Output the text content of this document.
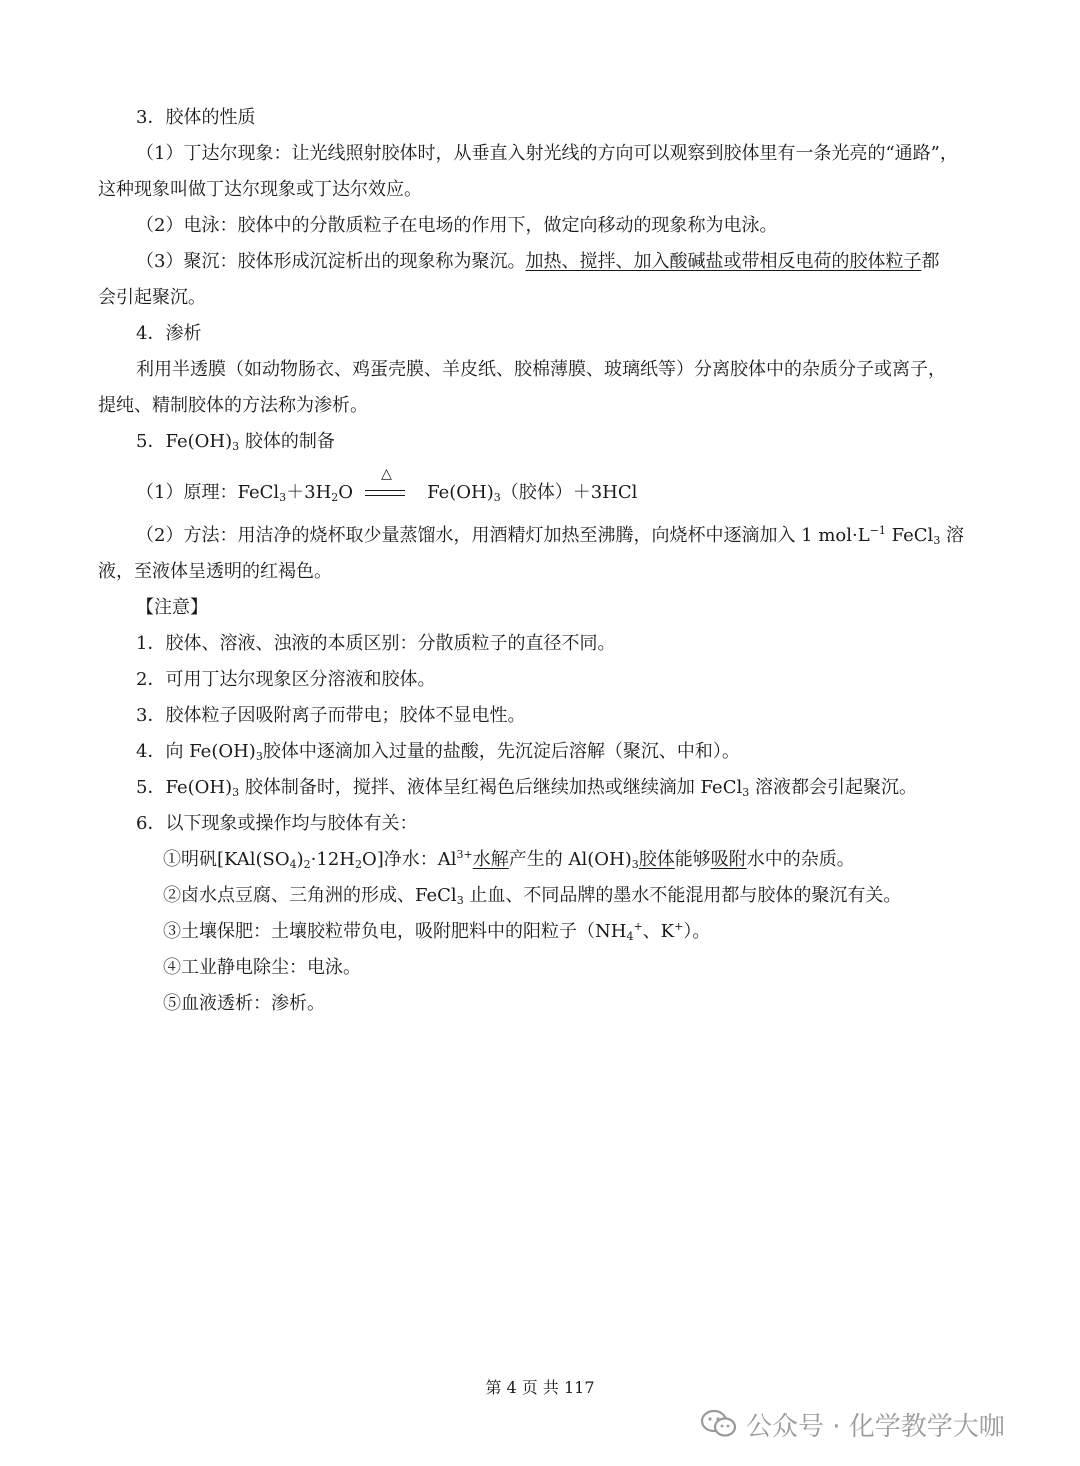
3．胶体的性质
（1）丁达尔现象：让光线照射胶体时，从垂直入射光线的方向可以观察到胶体里有一条光亮的“通路”，
这种现象叫做丁达尔现象或丁达尔效应。
（2）电泳：胶体中的分散质粒子在电场的作用下，做定向移动的现象称为电泳。
（3）聚沉：胶体形成沉淀析出的现象称为聚沉。加热、搅拌、加入酸碱盐或带相反电荷的胶体粒子都
会引起聚沉。
4．渗析
利用半透膜（如动物肠衣、鸡蛋壳膜、羊皮纸、胶棉薄膜、玻璃纸等）分离胶体中的杂质分子或离子，
提纯、精制胶体的方法称为渗析。
5．$Fe(OH)_3$ 胶体的制备
（1）原理：$FeCl_3+3H_2O$
△
$Fe(OH)_3$（胶体）＋3HCl
（2）方法：用洁净的烧杯取少量蒸馏水，用酒精灯加热至沸腾，向烧杯中逐滴加入 1 $mol\cdot L^{-1}$ FeCl$_3$ 溶
液，至液体呈透明的红褐色。
【注意】
1．胶体、溶液、浊液的本质区别：分散质粒子的直径不同。
2．可用丁达尔现象区分溶液和胶体。
3．胶体粒子因吸附离子而带电；胶体不显电性。
4．向 $Fe(OH)_3$胶体中逐滴加入过量的盐酸，先沉淀后溶解（聚沉、中和）。
5．$Fe(OH)_3$ 胶体制备时，搅拌、液体呈红褐色后继续加热或继续滴加 FeCl$_3$ 溶液都会引起聚沉。
6．以下现象或操作均与胶体有关：
①明矾$[KAl(SO_4)_2\cdot 12H_2O]$净水：$Al^{3+}$水解产生的 $Al(OH)_3$胶体能够吸附水中的杂质。
②卤水点豆腐、三角洲的形成、FeCl$_3$ 止血、不同品牌的墨水不能混用都与胶体的聚沉有关。
③土壤保肥：土壤胶粒带负电，吸附肥料中的阳粒子（$NH_4^+$、K+）。
④工业静电除尘：电泳。
⑤血液透析：渗析。
第 4 页 共 117
公众号 · 化学教学大咖
